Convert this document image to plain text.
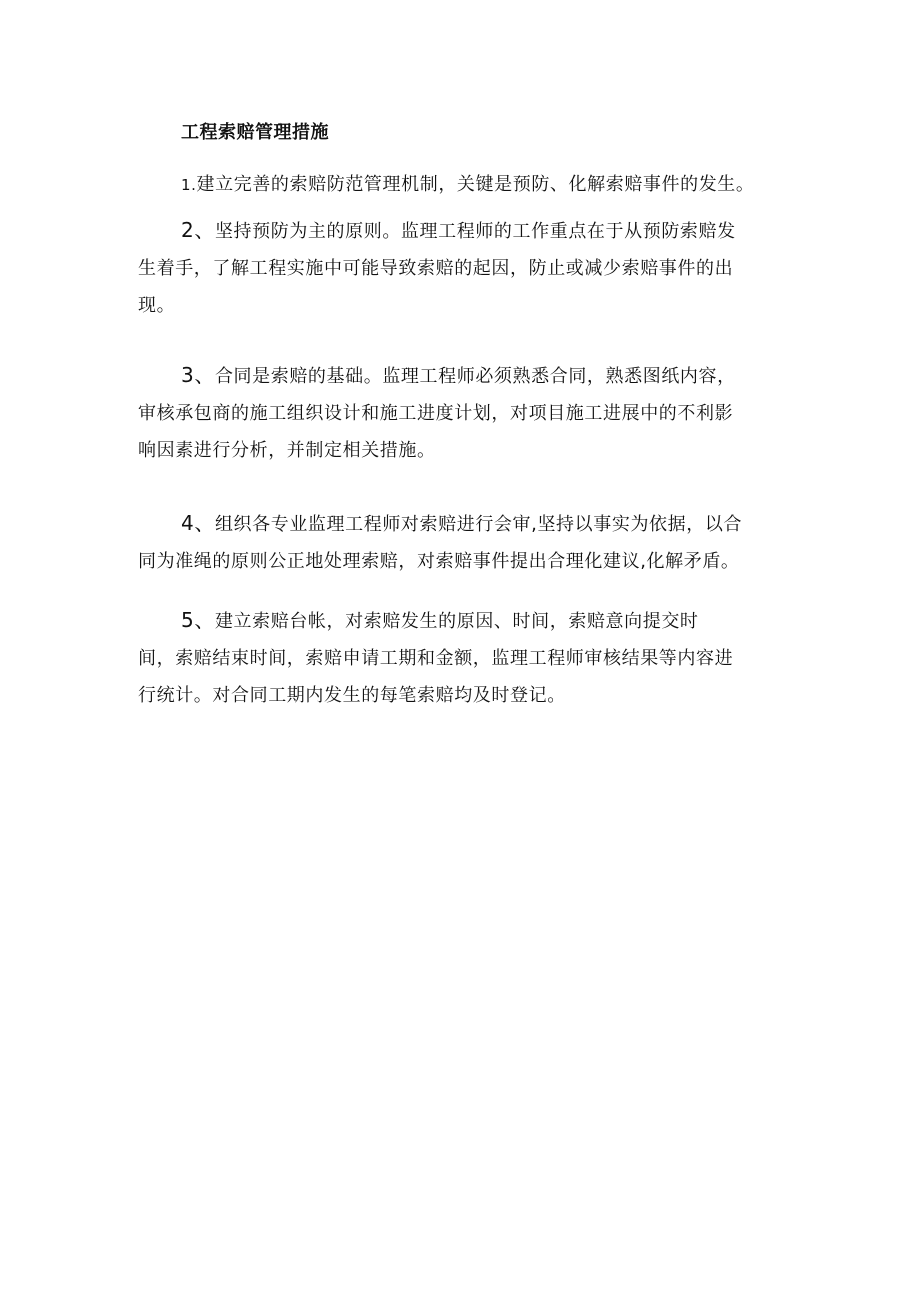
工程索赔管理措施
1.建立完善的索赔防范管理机制，关键是预防、化解索赔事件的发生。
2、坚持预防为主的原则。监理工程师的工作重点在于从预防索赔发
生着手，了解工程实施中可能导致索赔的起因，防止或减少索赔事件的出
现。
3、合同是索赔的基础。监理工程师必须熟悉合同，熟悉图纸内容，
审核承包商的施工组织设计和施工进度计划，对项目施工进展中的不利影
响因素进行分析，并制定相关措施。
4、组织各专业监理工程师对索赔进行会审,坚持以事实为依据，以合
同为准绳的原则公正地处理索赔，对索赔事件提出合理化建议,化解矛盾。
5、建立索赔台帐，对索赔发生的原因、时间，索赔意向提交时
间，索赔结束时间，索赔申请工期和金额，监理工程师审核结果等内容进
行统计。对合同工期内发生的每笔索赔均及时登记。
